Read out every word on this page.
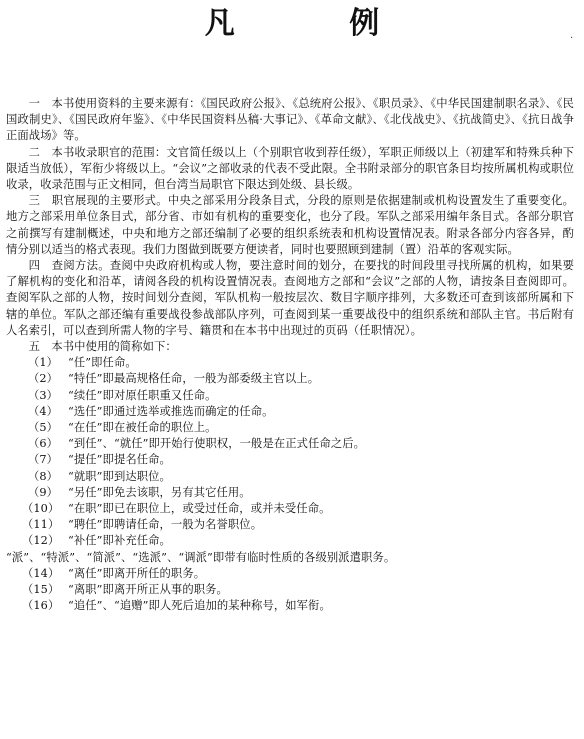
凡 例	·

一　本书使用资料的主要来源有：《国民政府公报》、《总统府公报》、《职员录》、《中华民国建制职名录》、《民国政制史》、《国民政府年鉴》、《中华民国资料丛稿·大事记》、《革命文献》、《北伐战史》、《抗战简史》、《抗日战争正面战场》等。

二　本书收录职官的范围：文官简任级以上（个别职官收到荐任级），军职正师级以上（初建军和特殊兵种下限适当放低），军衔少将级以上。“会议”之部收录的代表不受此限。全书附录部分的职官条目均按所属机构或职位收录，收录范围与正文相同，但台湾当局职官下限达到处级、县长级。

三　职官展现的主要形式。中央之部采用分段条目式，分段的原则是依据建制或机构设置发生了重要变化。地方之部采用单位条目式，部分省、市如有机构的重要变化，也分了段。军队之部采用编年条目式。各部分职官之前撰写有建制概述，中央和地方之部还编制了必要的组织系统表和机构设置情况表。附录各部分内容各异，酌情分别以适当的格式表现。我们力图做到既要方便读者，同时也要照顾到建制（置）沿革的客观实际。

四　查阅方法。查阅中央政府机构或人物，要注意时间的划分，在要找的时间段里寻找所属的机构，如果要了解机构的变化和沿革，请阅各段的机构设置情况表。查阅地方之部和“会议”之部的人物，请按条目查阅即可。查阅军队之部的人物，按时间划分查阅，军队机构一般按层次、数目字顺序排列，大多数还可查到该部所属和下辖的单位。军队之部还编有重要战役参战部队序列，可查阅到某一重要战役中的组织系统和部队主官。书后附有人名索引，可以查到所需人物的字号、籍贯和在本书中出现过的页码（任职情况）。

五　本书中使用的简称如下：

（1） “任”即任命。
（2） “特任”即最高规格任命，一般为部委级主官以上。
（3） “续任”即对原任职重又任命。
（4） “选任”即通过选举或推选而确定的任命。
（5） “在任”即在被任命的职位上。
（6） “到任”、“就任”即开始行使职权，一般是在正式任命之后。
（7） “提任”即提名任命。
（8） “就职”即到达职位。
（9） “另任”即免去该职，另有其它任用。
（10） “在职”即已在职位上，或受过任命，或并未受任命。
（11） “聘任”即聘请任命，一般为名誉职位。
（12） “补任”即补充任命。
“派”、“特派”、“简派”、“选派”、“调派”即带有临时性质的各级别派遣职务。
（14） “离任”即离开所任的职务。
（15） “离职”即离开所正从事的职务。
（16） “追任”、“追赠”即人死后追加的某种称号，如军衔。
